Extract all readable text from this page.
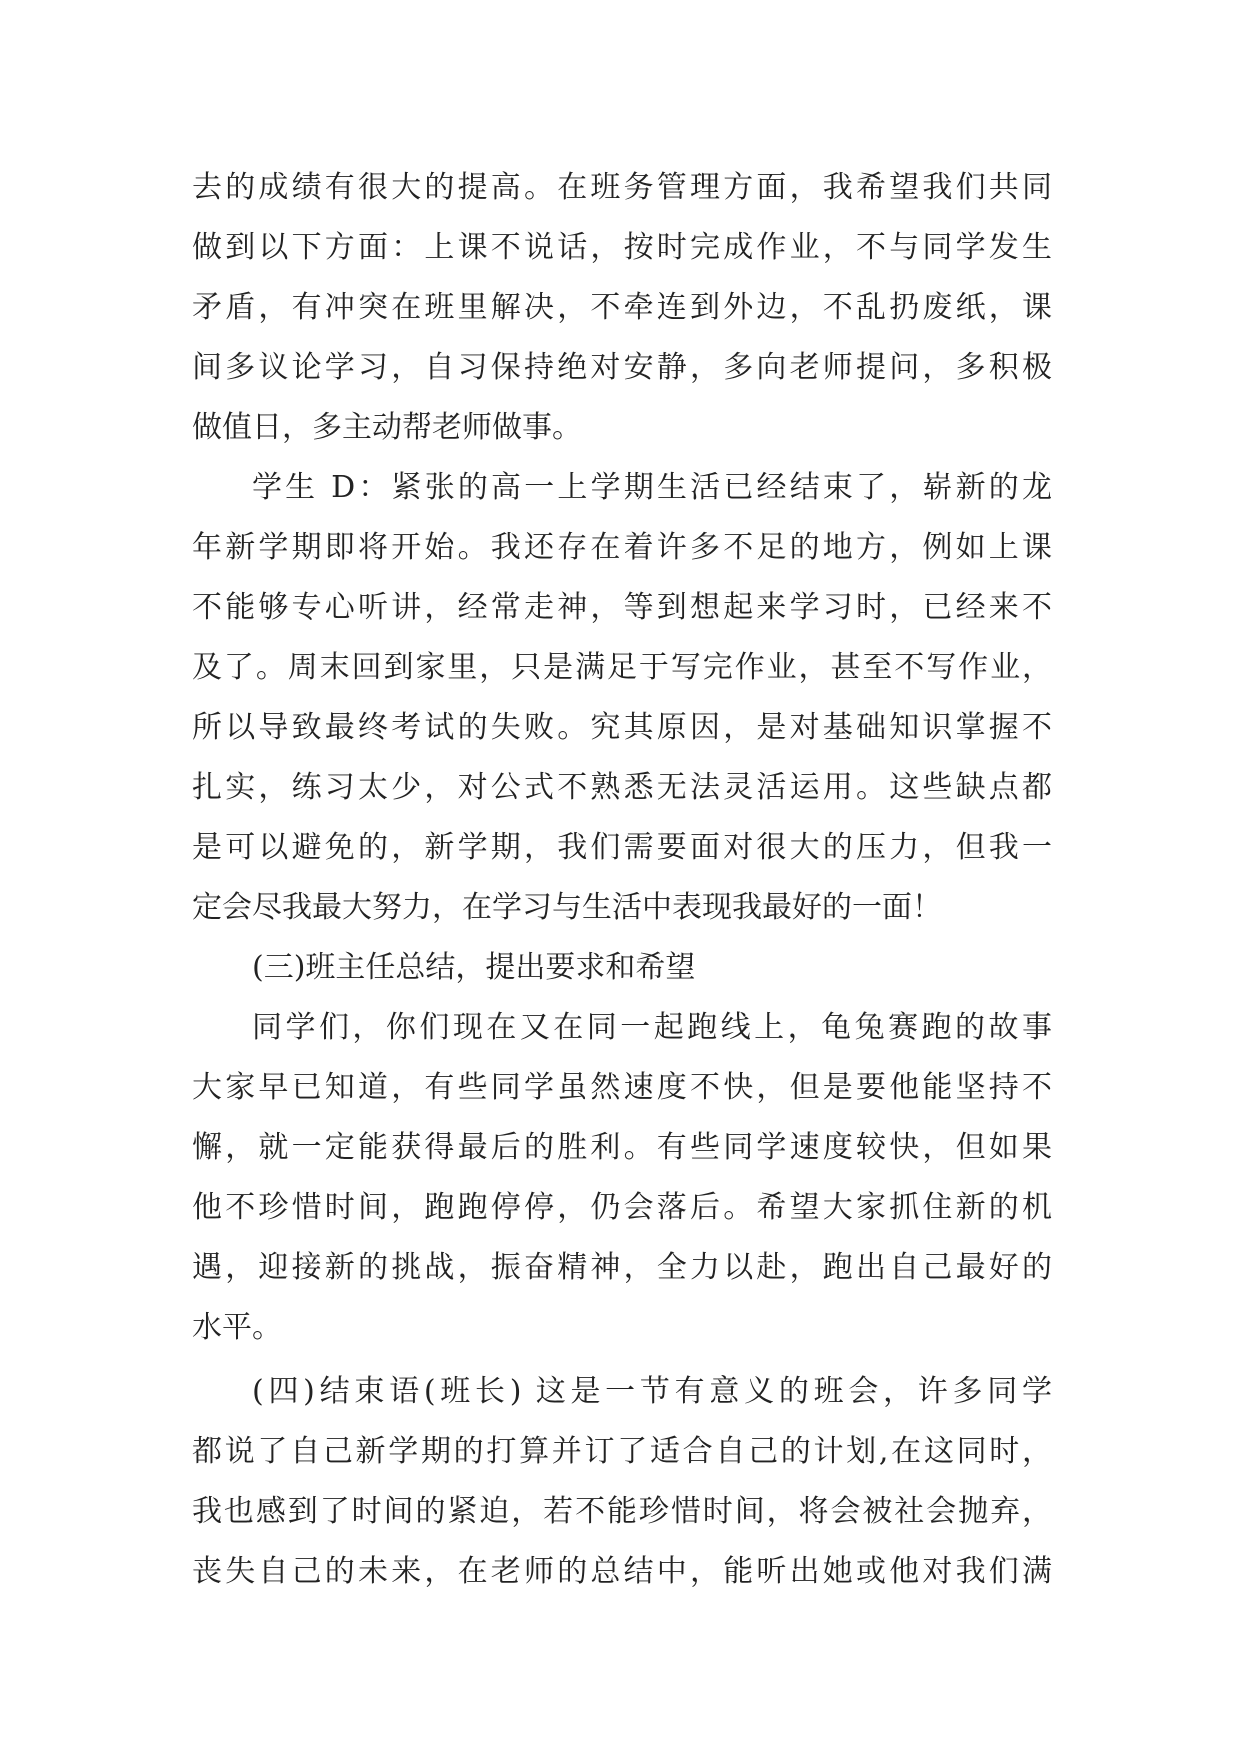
去的成绩有很大的提高。在班务管理方面，我希望我们共同
做到以下方面：上课不说话，按时完成作业，不与同学发生
矛盾，有冲突在班里解决，不牵连到外边，不乱扔废纸，课
间多议论学习，自习保持绝对安静，多向老师提问，多积极
做值日，多主动帮老师做事。
学生 D：紧张的高一上学期生活已经结束了，崭新的龙
年新学期即将开始。我还存在着许多不足的地方，例如上课
不能够专心听讲，经常走神，等到想起来学习时，已经来不
及了。周末回到家里，只是满足于写完作业，甚至不写作业，
所以导致最终考试的失败。究其原因，是对基础知识掌握不
扎实，练习太少，对公式不熟悉无法灵活运用。这些缺点都
是可以避免的，新学期，我们需要面对很大的压力，但我一
定会尽我最大努力，在学习与生活中表现我最好的一面！
(三)班主任总结，提出要求和希望
同学们，你们现在又在同一起跑线上，龟兔赛跑的故事
大家早已知道，有些同学虽然速度不快，但是要他能坚持不
懈，就一定能获得最后的胜利。有些同学速度较快，但如果
他不珍惜时间，跑跑停停，仍会落后。希望大家抓住新的机
遇，迎接新的挑战，振奋精神，全力以赴，跑出自己最好的
水平。
(四)结束语(班长) 这是一节有意义的班会，许多同学
都说了自己新学期的打算并订了适合自己的计划,在这同时，
我也感到了时间的紧迫，若不能珍惜时间，将会被社会抛弃，
丧失自己的未来，在老师的总结中，能听出她或他对我们满
